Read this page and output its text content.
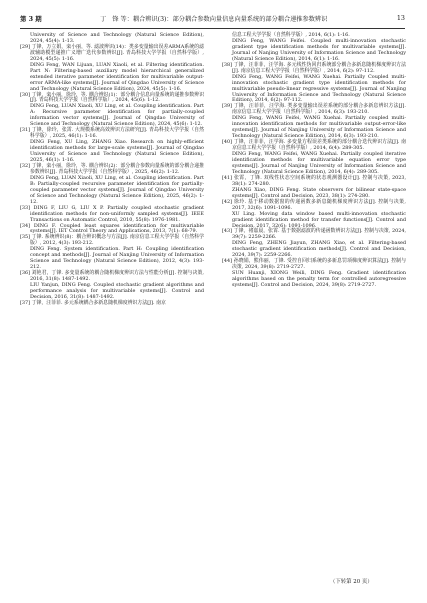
第 3 期	丁　锋 等：耦合辨识(3)：部分耦合参数向量信息向量系统的部分耦合递推参数辨识	13

University of Science and Technology (Natural Science Edition), 2024, 45(4): 1-13.

[29] 丁锋，万立娟，栾小丽，等. 滤波辨识(14)：类多变量输出误差ARMA系统的滤波辅助模型递推广义增广迭代参数辨识[J]. 青岛科技大学学报（自然科学版）, 2024, 45(5): 1-16.

DING Feng, WAN Lijuan, LUAN Xiaoli, et al. Filtering identification. Part N: Filtering-based auxiliary model hierarchical generalized extended iterative parameter identification for multivariable output-error ARMA-like systems[J]. Journal of Qingdao University of Science and Technology (Natural Science Edition), 2024, 45(5): 1-16.

[30] 丁锋，栾小丽，徐玲，等. 耦合辨识(1)：部分耦合信息向量系统的递推参数辨识[J]. 青岛科技大学学报（自然科学版）, 2024, 45(6): 1-12.

DING Feng, LUAN Xiaoli, XU Ling, et al. Coupling identification. Part A: Recursive parameter identification for partially-coupled information vector systems[J]. Journal of Qingdao University of Science and Technology (Natural Science Edition), 2024, 45(6): 1-12.

[31] 丁锋，徐玲，张霄. 大规模系统高效辨识方法研究[J]. 青岛科技大学学报（自然科学版）, 2025, 46(1): 1-16.

DING Feng, XU Ling, ZHANG Xiao. Research on highly-efficient identification methods for large-scale systems[J]. Journal of Qingdao University of Science and Technology (Natural Science Edition), 2025, 46(1): 1-16.

[32] 丁锋，栾小丽，徐玲，等. 耦合辨识(2)：部分耦合参数向量系统的部分耦合递推参数辨识[J]. 青岛科技大学学报（自然科学版）, 2025, 46(2): 1-12.

DING Feng, LUAN Xiaoli, XU Ling, et al. Coupling identification. Part B: Partially-coupled recursive parameter identification for partially-coupled parameter vector systems[J]. Journal of Qingdao University of Science and Technology (Natural Science Edition), 2025, 46(2): 1-12.

[33] DING F, LIU G, LIU X P. Partially coupled stochastic gradient identification methods for non-uniformly sampled systems[J]. IEEE Transactions on Automatic Control, 2010, 55(8): 1976-1981.

[34] DING F. Coupled least squares identification for multivariable systems[J]. IET Control Theory and Applications, 2013, 7(1): 68-79.

[35] 丁锋. 系统辨识(8)：耦合辨识概念与方法[J]. 南京信息工程大学学报（自然科学版）, 2012, 4(3): 193-212.

DING Feng. System identification. Part H: Coupling identification concept and methods[J]. Journal of Nanjing University of Information Science and Technology (Natural Science Edition), 2012, 4(3): 193-212.

[36] 刘艳君，丁锋. 多变量系统的耦合随机梯度辨识方法与性能分析[J]. 控制与决策, 2016, 31(8): 1487-1492.

LIU Yanjun, DING Feng. Coupled stochastic gradient algorithms and performance analysis for multivariable systems[J]. Control and Decision, 2016, 31(8): 1487-1492.

[37] 丁锋，汪菲菲. 多元系统耦合多新息随机梯度辨识方法[J]. 南京

信息工程大学学报（自然科学版）, 2014, 6(1): 1-16.

DING Feng, WANG Feifei. Coupled multi-innovation stochastic gradient type identification methods for multivariable systems[J]. Journal of Nanjing University of Information Science and Technology (Natural Science Edition), 2014, 6(1): 1-16.

[38] 丁锋，汪菲菲，汪学海. 多元线性伪回归系统部分耦合多新息随机梯度辨识方法[J]. 南京信息工程大学学报（自然科学版）, 2014, 6(2): 97-112.

DING Feng, WANG Feifei, WANG Xuehai. Partially Coupled multi-innovation stochastic gradient type identification methods for multivariable pseudo-linear regressive systems[J]. Journal of Nanjing University of Information Science and Technology (Natural Science Edition), 2014, 6(2): 97-112.

[39] 丁锋，汪菲菲，汪学海. 类多变量输出误差系统的部分耦合多新息辨识方法[J]. 南京信息工程大学学报（自然科学版）, 2014, 6(3): 193-210.

DING Feng, WANG Feifei, WANG Xuehai. Partially coupled multi-innovation identification methods for multivariable output-error-like systems[J]. Journal of Nanjing University of Information Science and Technology (Natural Science Edition), 2014, 6(3): 193-210.

[40] 丁锋，汪菲菲，汪学海. 多变量方程误差类系统的部分耦合迭代辨识方法[J]. 南京信息工程大学学报（自然科学版）, 2014, 6(4): 289-305.

DING Feng, WANG Feifei, WANG Xuehai. Partially coupled iterative identification methods for multivariable equation error type systems[J]. Journal of Nanjing University of Information Science and Technology (Natural Science Edition), 2014, 6(4): 289-305.

[41] 张霄，丁锋. 双线性状态空间系统的状态观测器设计[J]. 控制与决策, 2023, 38(1): 274-280.

ZHANG Xiao, DING Feng. State observers for bilinear state-space systems[J]. Control and Decision, 2023, 38(1): 274-280.

[42] 徐玲. 基于移动数据窗的传递函数多新息随机梯度辨识方法[J]. 控制与决策, 2017, 32(6): 1091-1096.

XU Ling. Moving data window based multi-innovation stochastic gradient identification method for transfer functions[J]. Control and Decision, 2017, 32(6): 1091-1096.

[43] 丁锋，褚嘉晨，张霄. 基于数据滤波的传递函数辨识方法[J]. 控制与决策, 2024, 39(7): 2259-2266.

DING Feng, ZHENG Jiayun, ZHANG Xiao, et al. Filtering-based stochastic gradient identification methods[J]. Control and Decision, 2024, 39(7): 2259-2266.

[44] 孙晓娟，熊伟丽，丁锋. 受控自回归系统的多新息罚项梯度辨识算法[J]. 控制与决策, 2024, 39(8): 2719-2727.

SUN Huanji, XIONG Weili, DING Feng. Gradient identification algorithms based on the penalty term for controlled autoregressive systems[J]. Control and Decision, 2024, 39(8): 2719-2727.

（下转第 20 页）
